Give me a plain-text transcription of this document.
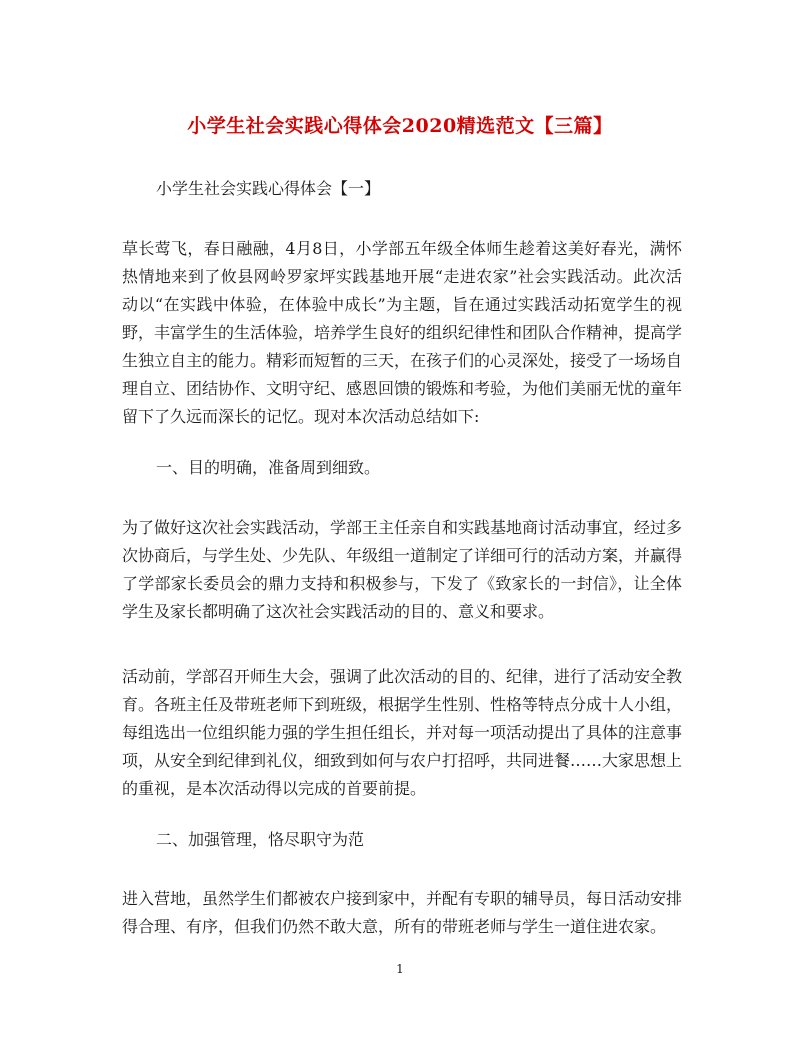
小学生社会实践心得体会2020精选范文【三篇】
小学生社会实践心得体会【一】
草长莺飞，春日融融，4月8日，小学部五年级全体师生趁着这美好春光，满怀热情地来到了攸县网岭罗家坪实践基地开展“走进农家”社会实践活动。此次活动以“在实践中体验，在体验中成长”为主题，旨在通过实践活动拓宽学生的视野，丰富学生的生活体验，培养学生良好的组织纪律性和团队合作精神，提高学生独立自主的能力。精彩而短暂的三天，在孩子们的心灵深处，接受了一场场自理自立、团结协作、文明守纪、感恩回馈的锻炼和考验，为他们美丽无忧的童年留下了久远而深长的记忆。现对本次活动总结如下:
一、目的明确，准备周到细致。
为了做好这次社会实践活动，学部王主任亲自和实践基地商讨活动事宜，经过多次协商后，与学生处、少先队、年级组一道制定了详细可行的活动方案，并赢得了学部家长委员会的鼎力支持和积极参与，下发了《致家长的一封信》，让全体学生及家长都明确了这次社会实践活动的目的、意义和要求。
活动前，学部召开师生大会，强调了此次活动的目的、纪律，进行了活动安全教育。各班主任及带班老师下到班级，根据学生性别、性格等特点分成十人小组，每组选出一位组织能力强的学生担任组长，并对每一项活动提出了具体的注意事项，从安全到纪律到礼仪，细致到如何与农户打招呼，共同进餐……大家思想上的重视，是本次活动得以完成的首要前提。
二、加强管理，恪尽职守为范
进入营地，虽然学生们都被农户接到家中，并配有专职的辅导员，每日活动安排得合理、有序，但我们仍然不敢大意，所有的带班老师与学生一道住进农家。
1
